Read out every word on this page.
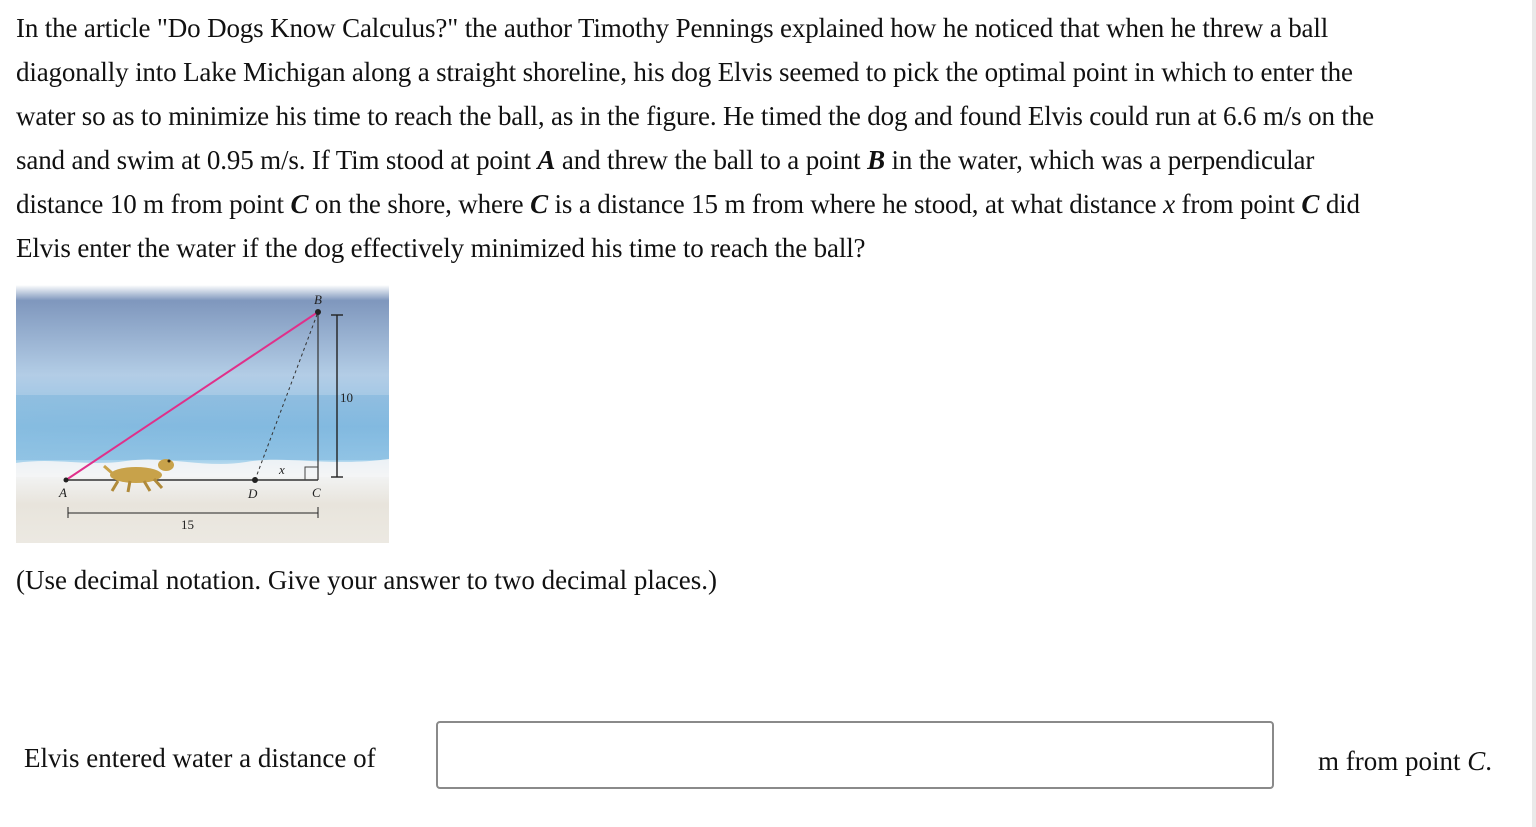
In the article "Do Dogs Know Calculus?" the author Timothy Pennings explained how he noticed that when he threw a ball
diagonally into Lake Michigan along a straight shoreline, his dog Elvis seemed to pick the optimal point in which to enter the
water so as to minimize his time to reach the ball, as in the figure. He timed the dog and found Elvis could run at 6.6 m/s on the
sand and swim at 0.95 m/s. If Tim stood at point A and threw the ball to a point B in the water, which was a perpendicular
distance 10 m from point C on the shore, where C is a distance 15 m from where he stood, at what distance x from point C did
Elvis enter the water if the dog effectively minimized his time to reach the ball?
10
15
A
B
C
D
x
(Use decimal notation. Give your answer to two decimal places.)
Elvis entered water a distance of	m from point C.
